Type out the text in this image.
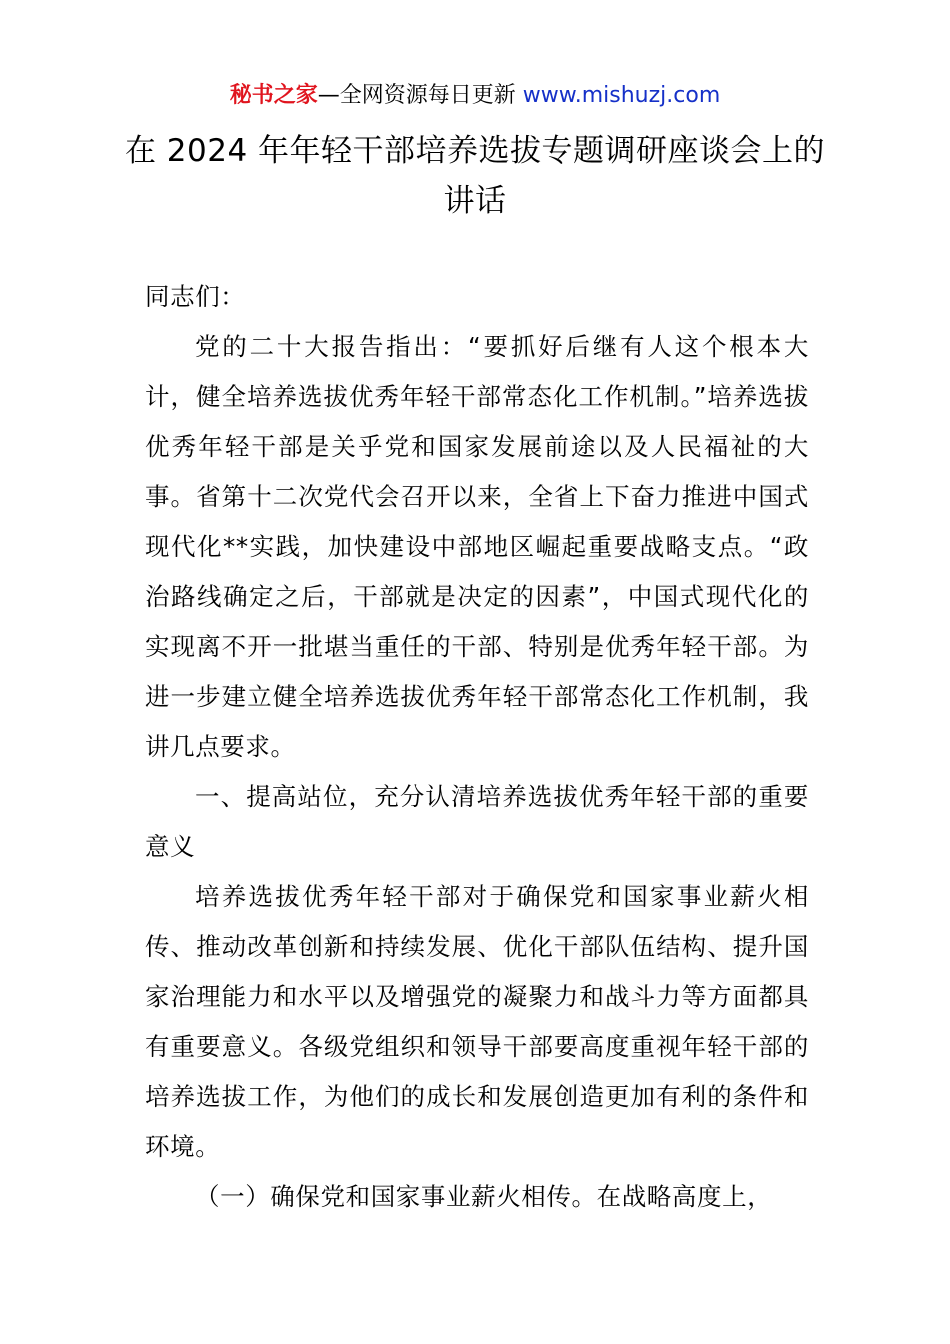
秘书之家—全网资源每日更新 www.mishuzj.com
在 2024 年年轻干部培养选拔专题调研座谈会上的讲话

同志们：

党的二十大报告指出：“要抓好后继有人这个根本大计，健全培养选拔优秀年轻干部常态化工作机制。”培养选拔优秀年轻干部是关乎党和国家发展前途以及人民福祉的大事。省第十二次党代会召开以来，全省上下奋力推进中国式现代化**实践，加快建设中部地区崛起重要战略支点。“政治路线确定之后，干部就是决定的因素”，中国式现代化的实现离不开一批堪当重任的干部、特别是优秀年轻干部。为进一步建立健全培养选拔优秀年轻干部常态化工作机制，我讲几点要求。

一、提高站位，充分认清培养选拔优秀年轻干部的重要意义

培养选拔优秀年轻干部对于确保党和国家事业薪火相传、推动改革创新和持续发展、优化干部队伍结构、提升国家治理能力和水平以及增强党的凝聚力和战斗力等方面都具有重要意义。各级党组织和领导干部要高度重视年轻干部的培养选拔工作，为他们的成长和发展创造更加有利的条件和环境。

（一）确保党和国家事业薪火相传。在战略高度上，
